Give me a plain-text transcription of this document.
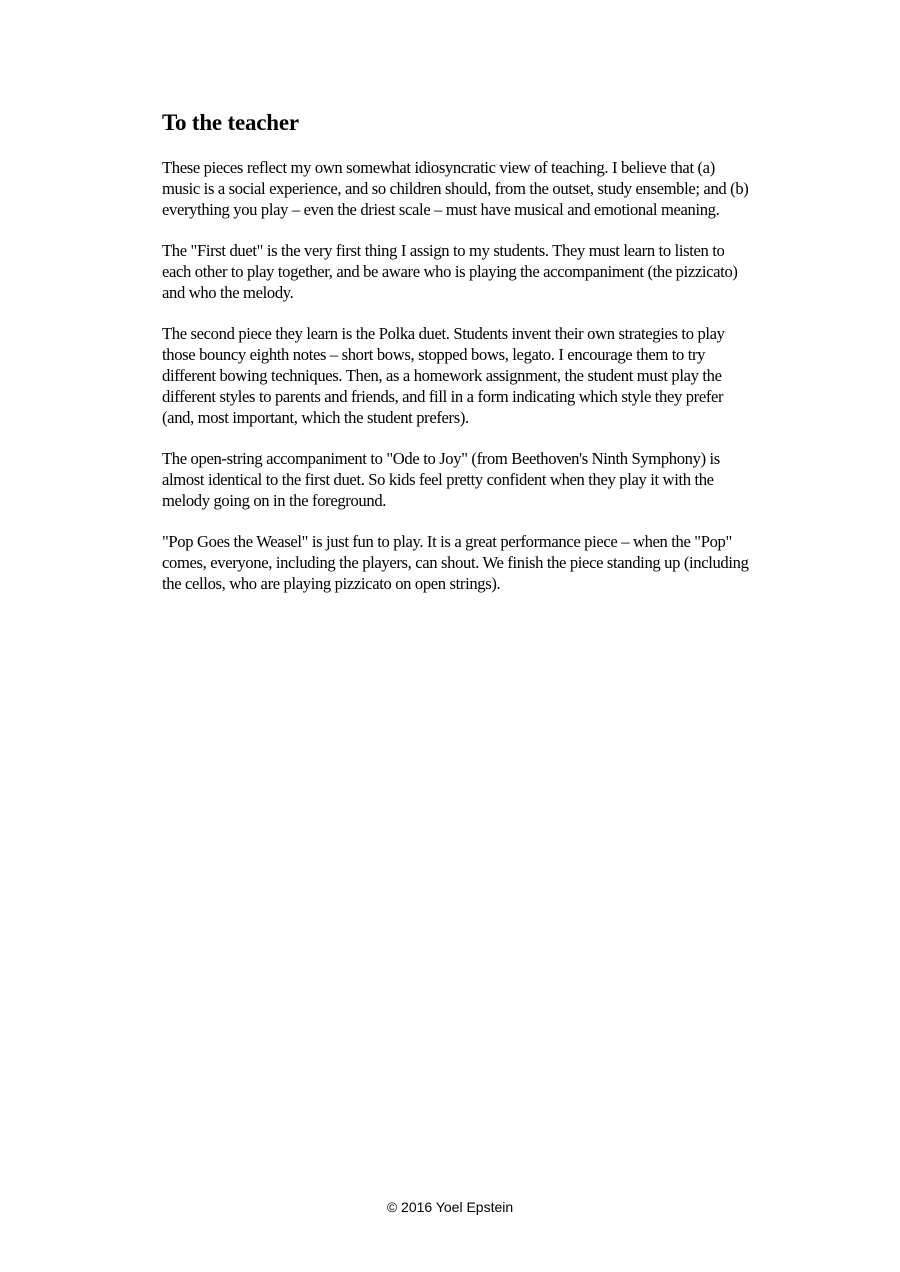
To the teacher

These pieces reflect my own somewhat idiosyncratic view of teaching. I believe that (a) music is a social experience, and so children should, from the outset, study ensemble; and (b) everything you play – even the driest scale – must have musical and emotional meaning.

The "First duet" is the very first thing I assign to my students. They must learn to listen to each other to play together, and be aware who is playing the accompaniment (the pizzicato) and who the melody.

The second piece they learn is the Polka duet. Students invent their own strategies to play those bouncy eighth notes – short bows, stopped bows, legato. I encourage them to try different bowing techniques. Then, as a homework assignment, the student must play the different styles to parents and friends, and fill in a form indicating which style they prefer (and, most important, which the student prefers).

The open-string accompaniment to "Ode to Joy" (from Beethoven's Ninth Symphony) is almost identical to the first duet. So kids feel pretty confident when they play it with the melody going on in the foreground.

"Pop Goes the Weasel" is just fun to play. It is a great performance piece – when the "Pop" comes, everyone, including the players, can shout. We finish the piece standing up (including the cellos, who are playing pizzicato on open strings).

© 2016 Yoel Epstein
